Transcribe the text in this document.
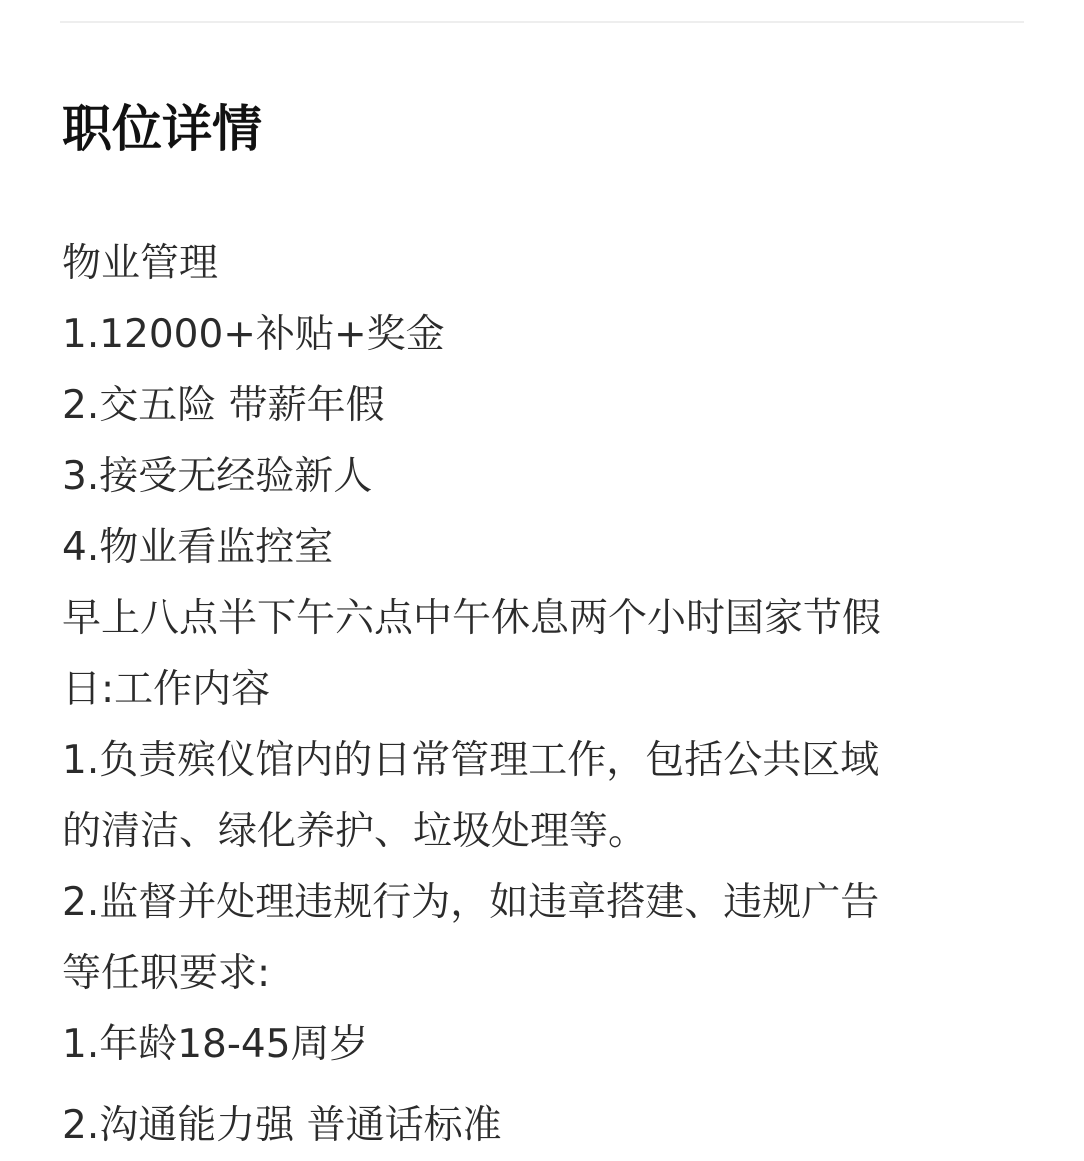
职位详情
物业管理
1.12000+补贴+奖金
2.交五险 带薪年假
3.接受无经验新人
4.物业看监控室
早上八点半下午六点中午休息两个小时国家节假
日:工作内容
1.负责殡仪馆内的日常管理工作，包括公共区域
的清洁、绿化养护、垃圾处理等。
2.监督并处理违规行为，如违章搭建、违规广告
等任职要求:
1.年龄18-45周岁
2.沟通能力强 普通话标准
